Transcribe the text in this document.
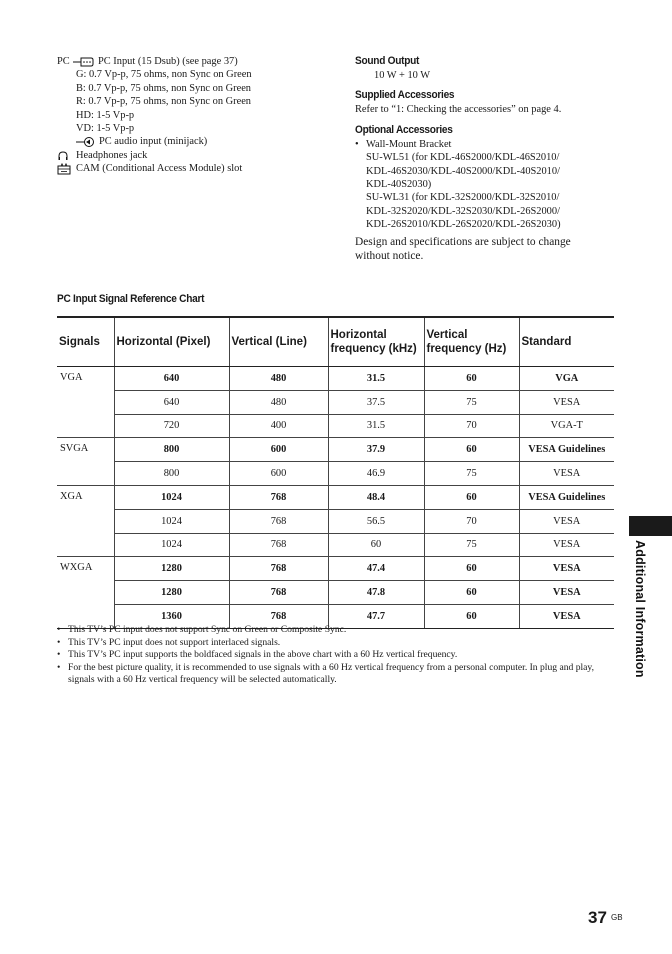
PC	PC Input (15 Dsub) (see page 37)
G: 0.7 Vp-p, 75 ohms, non Sync on Green
B: 0.7 Vp-p, 75 ohms, non Sync on Green
R: 0.7 Vp-p, 75 ohms, non Sync on Green
HD: 1-5 Vp-p
VD: 1-5 Vp-p
PC audio input (minijack)
Headphones jack
CAM (Conditional Access Module) slot
Sound Output
10 W + 10 W
Supplied Accessories
Refer to “1: Checking the accessories” on page 4.
Optional Accessories
• Wall-Mount Bracket
SU-WL51 (for KDL-46S2000/KDL-46S2010/
KDL-46S2030/KDL-40S2000/KDL-40S2010/
KDL-40S2030)
SU-WL31 (for KDL-32S2000/KDL-32S2010/
KDL-32S2020/KDL-32S2030/KDL-26S2000/
KDL-26S2010/KDL-26S2020/KDL-26S2030)
Design and specifications are subject to change
without notice.
PC Input Signal Reference Chart
Signals	Horizontal (Pixel)	Vertical (Line)	Horizontal frequency (kHz)	Vertical frequency (Hz)	Standard
VGA	640	480	31.5	60	VGA
	640	480	37.5	75	VESA
	720	400	31.5	70	VGA-T
SVGA	800	600	37.9	60	VESA Guidelines
	800	600	46.9	75	VESA
XGA	1024	768	48.4	60	VESA Guidelines
	1024	768	56.5	70	VESA
	1024	768	60	75	VESA
WXGA	1280	768	47.4	60	VESA
	1280	768	47.8	60	VESA
	1360	768	47.7	60	VESA
• This TV’s PC input does not support Sync on Green or Composite Sync.
• This TV’s PC input does not support interlaced signals.
• This TV’s PC input supports the boldfaced signals in the above chart with a 60 Hz vertical frequency.
• For the best picture quality, it is recommended to use signals with a 60 Hz vertical frequency from a personal computer. In plug and play, signals with a 60 Hz vertical frequency will be selected automatically.
Additional Information
37 GB
